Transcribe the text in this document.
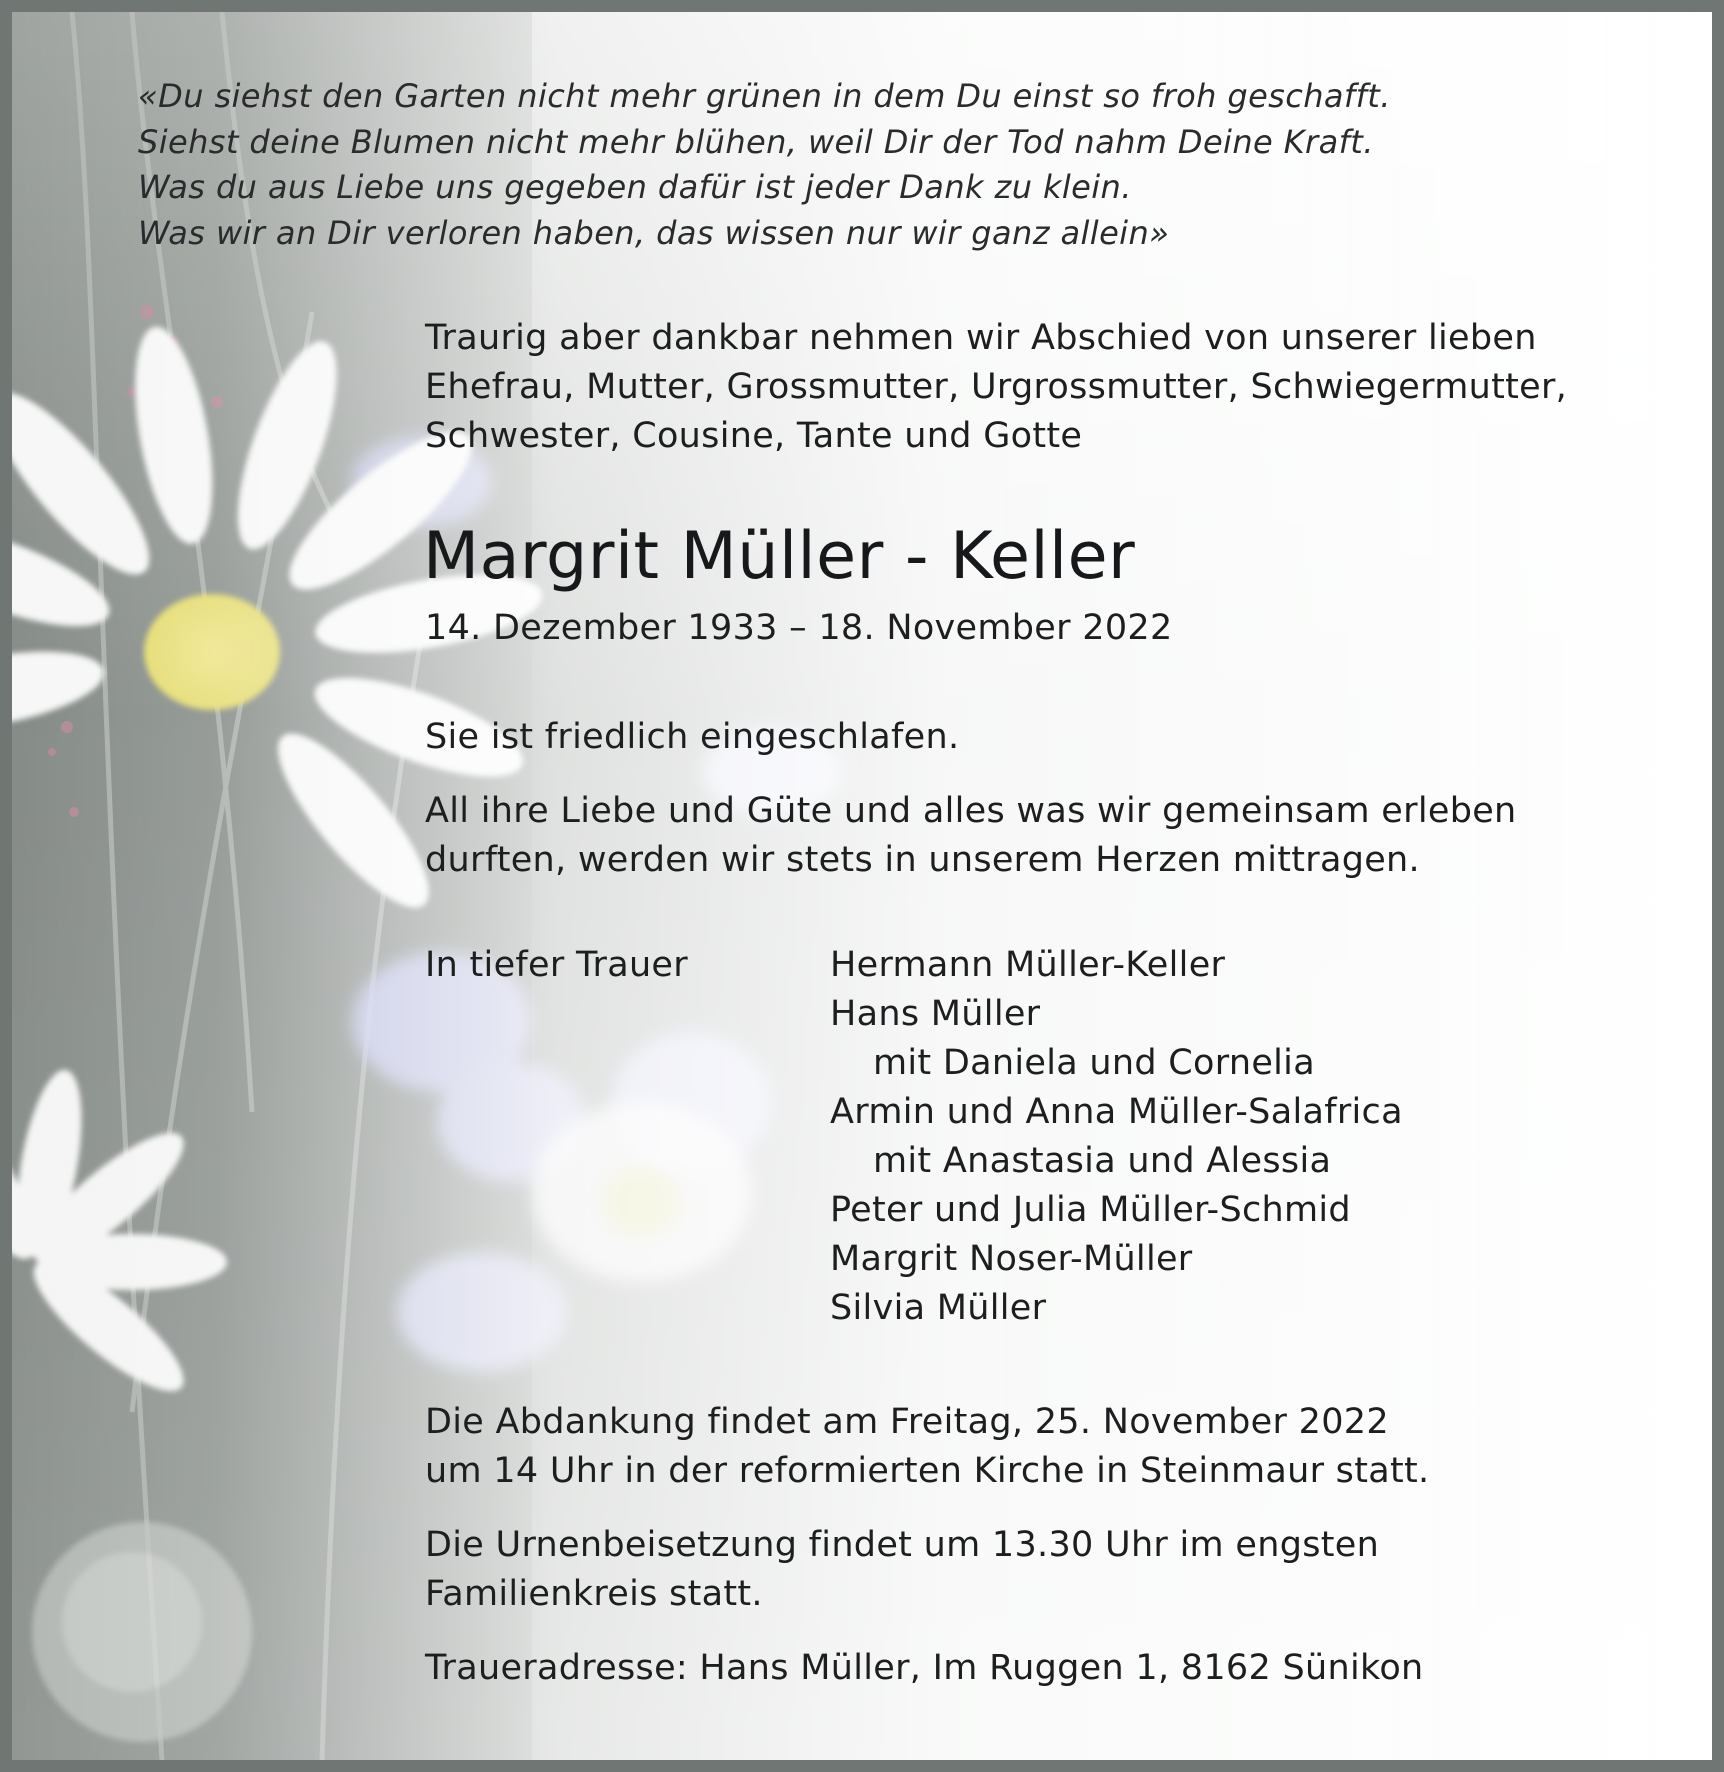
«Du siehst den Garten nicht mehr grünen in dem Du einst so froh geschafft.
Siehst deine Blumen nicht mehr blühen, weil Dir der Tod nahm Deine Kraft.
Was du aus Liebe uns gegeben dafür ist jeder Dank zu klein.
Was wir an Dir verloren haben, das wissen nur wir ganz allein»
Traurig aber dankbar nehmen wir Abschied von unserer lieben
Ehefrau, Mutter, Grossmutter, Urgrossmutter, Schwiegermutter,
Schwester, Cousine, Tante und Gotte
Margrit Müller - Keller
14. Dezember 1933 – 18. November 2022
Sie ist friedlich eingeschlafen.
All ihre Liebe und Güte und alles was wir gemeinsam erleben
durften, werden wir stets in unserem Herzen mittragen.
In tiefer Trauer	Hermann Müller-Keller
Hans Müller
mit Daniela und Cornelia
Armin und Anna Müller-Salafrica
mit Anastasia und Alessia
Peter und Julia Müller-Schmid
Margrit Noser-Müller
Silvia Müller
Die Abdankung findet am Freitag, 25. November 2022
um 14 Uhr in der reformierten Kirche in Steinmaur statt.
Die Urnenbeisetzung findet um 13.30 Uhr im engsten
Familienkreis statt.
Traueradresse: Hans Müller, Im Ruggen 1, 8162 Sünikon
